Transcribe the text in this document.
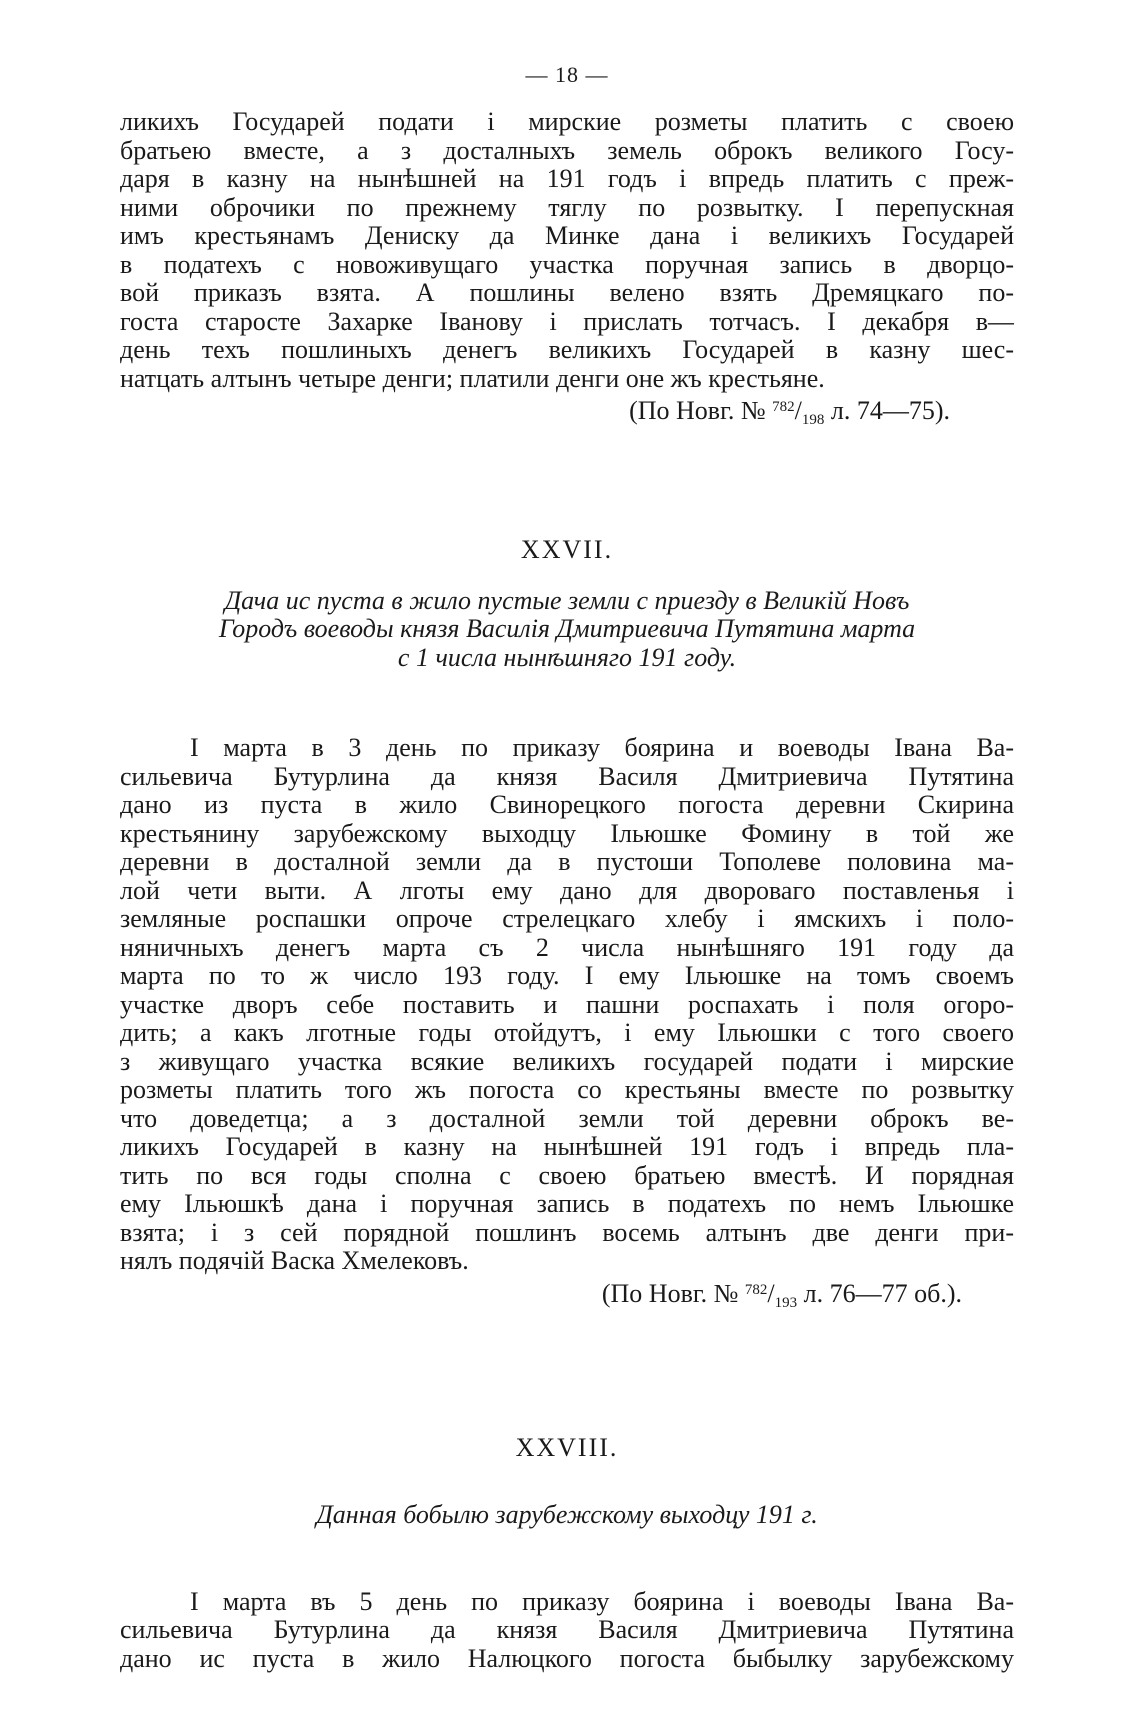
— 18 —
ликихъ Государей подати і мирские розметы платить с своею
братьею вместе, а з досталныхъ земель оброкъ великого Госу-
даря в казну на нынѣшней на 191 годъ і впредь платить с преж-
ними оброчики по прежнему тяглу по розвытку. І перепускная
имъ крестьянамъ Дениску да Минке дана і великихъ Государей
в податехъ с новоживущаго участка поручная запись в дворцо-
вой приказъ взята. А пошлины велено взять Дремяцкаго по-
госта старосте Захарке Іванову і прислать тотчасъ. І декабря в—
день техъ пошлиныхъ денегъ великихъ Государей в казну шес-
натцать алтынъ четыре денги; платили денги оне жъ крестьяне.
(По Новг. № $^{782}/_{198}$ л. 74—75).
XXVII.
Дача ис пуста в жило пустые земли с приезду в Великій Новъ
Городъ воеводы князя Василія Дмитриевича Путятина марта
с 1 числа нынѣшняго 191 году.
І марта в 3 день по приказу боярина и воеводы Івана Ва-
сильевича Бутурлина да князя Василя Дмитриевича Путятина
дано из пуста в жило Свинорецкого погоста деревни Скирина
крестьянину зарубежскому выходцу Ільюшке Фомину в той же
деревни в досталной земли да в пустоши Тополеве половина ма-
лой чети выти. А лготы ему дано для двороваго поставленья і
земляные роспашки опроче стрелецкаго хлебу і ямскихъ і поло-
няничныхъ денегъ марта съ 2 числа нынѣшняго 191 году да
марта по то ж число 193 году. І ему Ільюшке на томъ своемъ
участке дворъ себе поставить и пашни роспахать і поля огоро-
дить; а какъ лготные годы отойдутъ, і ему Ільюшки с того своего
з живущаго участка всякие великихъ государей подати і мирские
розметы платить того жъ погоста со крестьяны вместе по розвытку
что доведетца; а з досталной земли той деревни оброкъ ве-
ликихъ Государей в казну на нынѣшней 191 годъ і впредь пла-
тить по вся годы сполна с своею братьею вместѣ. И порядная
ему Ільюшкѣ дана і поручная запись в податехъ по немъ Ільюшке
взята; і з сей порядной пошлинъ восемь алтынъ две денги при-
нялъ подячій Васка Хмелековъ.
(По Новг. № $^{782}/_{193}$ л. 76—77 об.).
XXVIII.
Данная бобылю зарубежскому выходцу 191 г.
І марта въ 5 день по приказу боярина і воеводы Івана Ва-
сильевича Бутурлина да князя Василя Дмитриевича Путятина
дано ис пуста в жило Налюцкого погоста быбылку зарубежскому
